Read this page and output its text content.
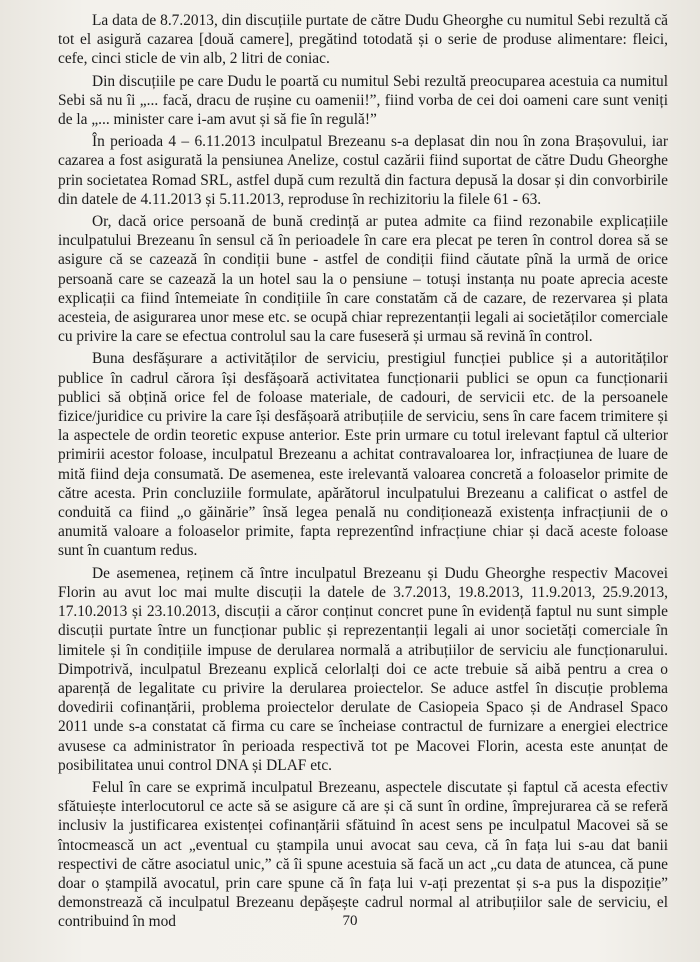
La data de 8.7.2013, din discuțiile purtate de către Dudu Gheorghe cu numitul Sebi rezultă că tot el asigură cazarea [două camere], pregătind totodată și o serie de produse alimentare: fleici, cefe, cinci sticle de vin alb, 2 litri de coniac.

Din discuțiile pe care Dudu le poartă cu numitul Sebi rezultă preocuparea acestuia ca numitul Sebi să nu îi „... facă, dracu de rușine cu oamenii!”, fiind vorba de cei doi oameni care sunt veniți de la „... minister care i-am avut și să fie în regulă!”

În perioada 4 – 6.11.2013 inculpatul Brezeanu s-a deplasat din nou în zona Brașovului, iar cazarea a fost asigurată la pensiunea Anelize, costul cazării fiind suportat de către Dudu Gheorghe prin societatea Romad SRL, astfel după cum rezultă din factura depusă la dosar și din convorbirile din datele de 4.11.2013 și 5.11.2013, reproduse în rechizitoriu la filele 61 - 63.

Or, dacă orice persoană de bună credință ar putea admite ca fiind rezonabile explicațiile inculpatului Brezeanu în sensul că în perioadele în care era plecat pe teren în control dorea să se asigure că se cazează în condiții bune - astfel de condiții fiind căutate pînă la urmă de orice persoană care se cazează la un hotel sau la o pensiune – totuși instanța nu poate aprecia aceste explicații ca fiind întemeiate în condițiile în care constatăm că de cazare, de rezervarea și plata acesteia, de asigurarea unor mese etc. se ocupă chiar reprezentanții legali ai societăților comerciale cu privire la care se efectua controlul sau la care fuseseră și urmau să revină în control.

Buna desfășurare a activităților de serviciu, prestigiul funcției publice și a autorităților publice în cadrul cărora își desfășoară activitatea funcționarii publici se opun ca funcționarii publici să obțină orice fel de foloase materiale, de cadouri, de servicii etc. de la persoanele fizice/juridice cu privire la care își desfășoară atribuțiile de serviciu, sens în care facem trimitere și la aspectele de ordin teoretic expuse anterior. Este prin urmare cu totul irelevant faptul că ulterior primirii acestor foloase, inculpatul Brezeanu a achitat contravaloarea lor, infracțiunea de luare de mită fiind deja consumată. De asemenea, este irelevantă valoarea concretă a foloaselor primite de către acesta. Prin concluziile formulate, apărătorul inculpatului Brezeanu a calificat o astfel de conduită ca fiind „o găinărie” însă legea penală nu condiționează existența infracțiunii de o anumită valoare a foloaselor primite, fapta reprezentînd infracțiune chiar și dacă aceste foloase sunt în cuantum redus.

De asemenea, reținem că între inculpatul Brezeanu și Dudu Gheorghe respectiv Macovei Florin au avut loc mai multe discuții la datele de 3.7.2013, 19.8.2013, 11.9.2013, 25.9.2013, 17.10.2013 și 23.10.2013, discuții a căror conținut concret pune în evidență faptul nu sunt simple discuții purtate între un funcționar public și reprezentanții legali ai unor societăți comerciale în limitele și în condițiile impuse de derularea normală a atribuțiilor de serviciu ale funcționarului. Dimpotrivă, inculpatul Brezeanu explică celorlalți doi ce acte trebuie să aibă pentru a crea o aparență de legalitate cu privire la derularea proiectelor. Se aduce astfel în discuție problema dovedirii cofinanțării, problema proiectelor derulate de Casiopeia Spaco și de Andrasel Spaco 2011 unde s-a constatat că firma cu care se încheiase contractul de furnizare a energiei electrice avusese ca administrator în perioada respectivă tot pe Macovei Florin, acesta este anunțat de posibilitatea unui control DNA și DLAF etc.

Felul în care se exprimă inculpatul Brezeanu, aspectele discutate și faptul că acesta efectiv sfătuiește interlocutorul ce acte să se asigure că are și că sunt în ordine, împrejurarea că se referă inclusiv la justificarea existenței cofinanțării sfătuind în acest sens pe inculpatul Macovei să se întocmească un act „eventual cu ștampila unui avocat sau ceva, că în fața lui s-au dat banii respectivi de către asociatul unic,” că îi spune acestuia să facă un act „cu data de atuncea, că pune doar o ștampilă avocatul, prin care spune că în fața lui v-ați prezentat și s-a pus la dispoziție” demonstrează că inculpatul Brezeanu depășește cadrul normal al atribuțiilor sale de serviciu, el contribuind în mod	70
